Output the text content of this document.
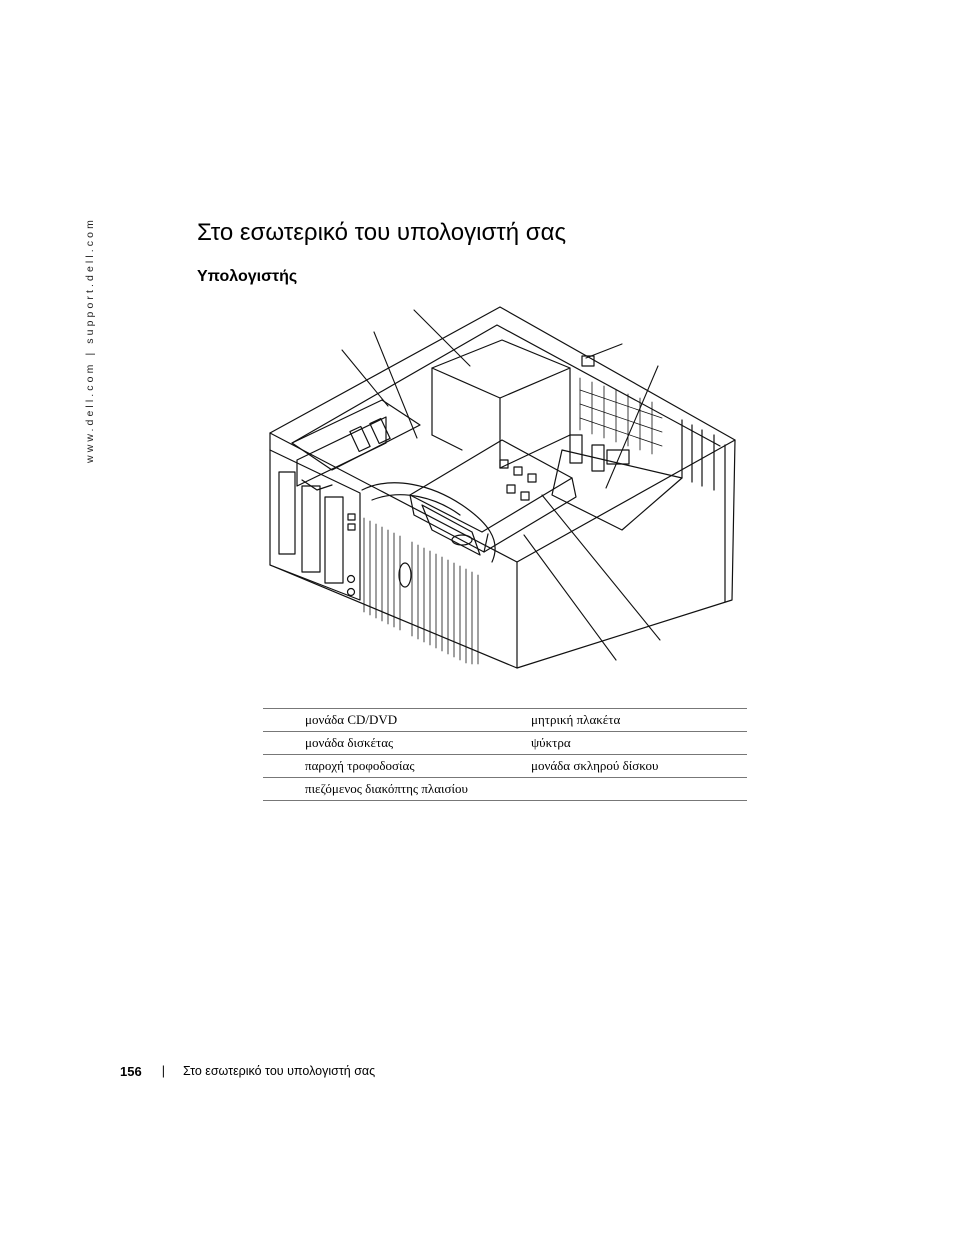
www.dell.com | support.dell.com	Στο εσωτερικό του υπολογιστή σας
Υπολογιστής
	μονάδα CD/DVD	μητρική πλακέτα
	μονάδα δισκέτας	ψύκτρα
	παροχή τροφοδοσίας	μονάδα σκληρού δίσκου
	πιεζόμενος διακόπτης πλαισίου	
156 | Στο εσωτερικό του υπολογιστή σας
